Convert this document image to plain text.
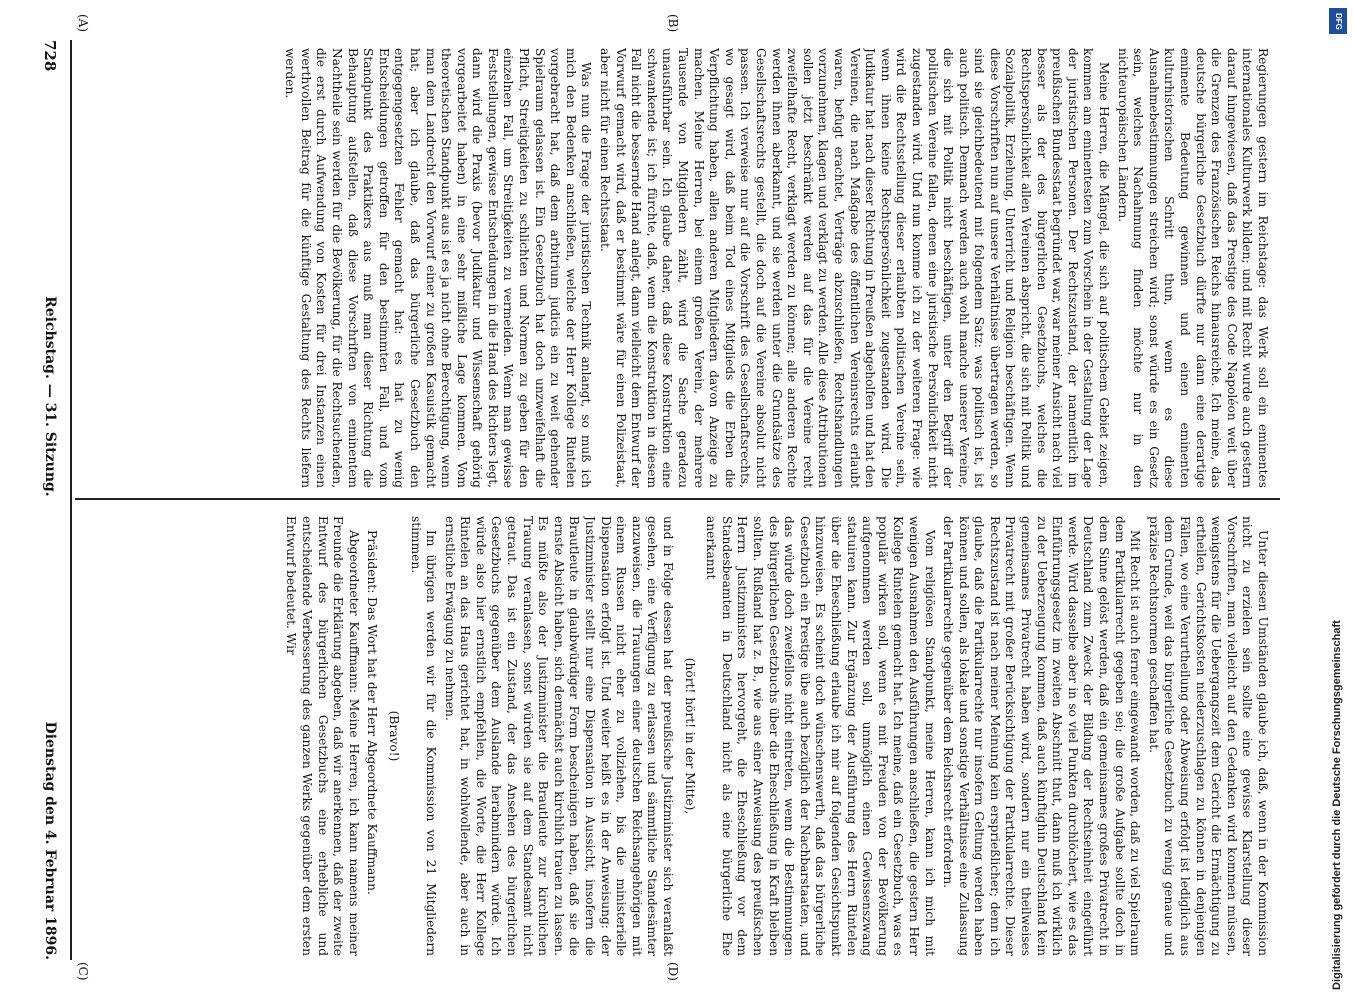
728
Reichstag. — 31. Sitzung.
Dienstag den 4. Februar 1896.
(A)	(B)
(C)	(D)

Regierungen gestern im Reichstage: das Werk soll ein eminentes internationales Kulturwerk bilden; und mit Recht wurde auch gestern darauf hingewiesen, daß das Prestige des Code Napoléon weit über die Grenzen des Französischen Reichs hinausreiche. Ich meine, das deutsche bürgerliche Gesetzbuch dürfte nur dann eine derartige eminente Bedeutung gewinnen und einen eminenten kulturhistorischen Schritt thun, wenn es diese Ausnahmebestimmungen streichen wird; sonst würde es ein Gesetz sein, welches Nachahmung finden möchte nur in den nichteuropäischen Ländern.

Meine Herren, die Mängel, die sich auf politischem Gebiet zeigen, kommen am eminentesten zum Vorschein in der Gestaltung der Lage der juristischen Personen. Der Rechtszustand, der namentlich im preußischen Bundesstaat begründet war, war meiner Ansicht nach viel besser als der des bürgerlichen Gesetzbuchs, welches die Rechtspersönlichkeit allen Vereinen abspricht, die sich mit Politik und Sozialpolitik, Erziehung, Unterricht und Religion beschäftigen. Wenn diese Vorschriften nun auf unsere Verhältnisse übertragen werden, so sind sie gleichbedeutend mit folgendem Satz: was politisch ist, ist auch politisch. Demnach werden auch wohl manche unserer Vereine, die sich mit Politik nicht beschäftigen, unter den Begriff der politischen Vereine fallen, denen eine juristische Persönlichkeit nicht zugestanden wird. Und nun komme ich zu der weiteren Frage: wie wird die Rechtsstellung dieser erlaubten politischen Vereine sein, wenn ihnen keine Rechtspersönlichkeit zugestanden wird. Die Judikatur hat nach dieser Richtung in Preußen abgeholfen und hat den Vereinen, die nach Maßgabe des öffentlichen Vereinsrechts erlaubt waren, befugt erachtet, Verträge abzuschließen, Rechtshandlungen vorzunehmen, klagen und verklagt zu werden. Alle diese Attributionen sollen jetzt beschränkt werden auf das für die Vereine recht zweifelhafte Recht, verklagt werden zu können; alle anderen Rechte werden ihnen aberkannt, und sie werden unter die Grundsätze des Gesellschaftsrechts gestellt, die doch auf die Vereine absolut nicht passen. Ich verweise nur auf die Vorschrift des Gesellschaftsrechts, wo gesagt wird, daß beim Tod eines Mitglieds die Erben die Verpflichtung haben, allen anderen Mitgliedern davon Anzeige zu machen. Meine Herren, bei einem großen Verein, der mehrere Tausende von Mitgliedern zählt, wird die Sache geradezu unausführbar sein. Ich glaube daher, daß diese Konstruktion eine schwankende ist; ich fürchte, daß, wenn die Konstruktion in diesem Fall nicht die bessernde Hand anlegt, dann vielleicht dem Entwurf der Vorwurf gemacht wird, daß er bestimmt wäre für einen Polizeistaat, aber nicht für einen Rechtsstaat.

Was nun die Frage der juristischen Technik anlangt, so muß ich mich den Bedenken anschließen, welche der Herr Kollege Rintelen vorgebracht hat, daß dem arbitrium judicis ein zu weit gehender Spielraum gelassen ist. Ein Gesetzbuch hat doch unzweifelhaft die Pflicht, Streitigkeiten zu schlichten und Normen zu geben für den einzelnen Fall, um Streitigkeiten zu vermeiden. Wenn man gewisse Feststellungen, gewisse Entscheidungen in die Hand des Richters legt, dann wird die Praxis (bevor Judikatur und Wissenschaft gehörig vorgearbeitet haben) in eine sehr mißliche Lage kommen. Vom theoretischen Standpunkt aus ist es ja nicht ohne Berechtigung, wenn man dem Landrecht den Vorwurf einer zu großen Kasuistik gemacht hat; aber ich glaube, daß das bürgerliche Gesetzbuch den entgegengesetzten Fehler gemacht hat: es hat zu wenig Entscheidungen getroffen für den bestimmten Fall, und vom Standpunkt des Praktikers aus muß man dieser Richtung die Behauptung aufstellen, daß diese Vorschriften von eminentem Nachtheile sein werden für die Bevölkerung, für die Rechtsuchenden, die erst durch Aufwendung von Kosten für drei Instanzen einen werthvollen Beitrag für die künftige Gestaltung des Rechts liefern werden.

Unter diesen Umständen glaube ich, daß, wenn in der Kommission nicht zu erzielen sein sollte eine gewisse Klarstellung dieser Vorschriften, man vielleicht auf den Gedanken wird kommen müssen, wenigstens für die Uebergangszeit dem Gericht die Ermächtigung zu ertheilen, Gerichtskosten niederzuschlagen zu können in denjenigen Fällen, wo eine Verurtheilung oder Abweisung erfolgt ist lediglich aus dem Grunde, weil das bürgerliche Gesetzbuch zu wenig genaue und präzise Rechtsnormen geschaffen hat.

Mit Recht ist auch ferner eingewandt worden, daß zu viel Spielraum dem Partikularrecht gegeben sei; die große Aufgabe sollte doch in dem Sinne gelöst werden, daß ein gemeinsames großes Privatrecht in Deutschland zum Zweck der Bildung der Rechtseinheit eingeführt werde. Wird dasselbe aber in so viel Punkten durchlöchert, wie es das Einführungsgesetz im zweiten Abschnitt thut, dann muß ich wirklich zu der Ueberzeugung kommen, daß auch künftighin Deutschland kein gemeinsames Privatrecht haben wird, sondern nur ein theilweises Privatrecht mit großer Berücksichtigung der Partikularrechte. Dieser Rechtszustand ist nach meiner Meinung kein ersprießlicher; denn ich glaube, daß die Partikularrechte nur insofern Geltung werden haben können und sollen, als lokale und sonstige Verhältnisse eine Zulassung der Partikularrechte gegenüber dem Reichsrecht erfordern.

Vom religiösen Standpunkt, meine Herren, kann ich mich mit wenigen Ausnahmen den Ausführungen anschließen, die gestern Herr Kollege Rintelen gemacht hat. Ich meine, daß ein Gesetzbuch, was es populär wirken soll, wenn es mit Freuden von der Bevölkerung aufgenommen werden soll, unmöglich einen Gewissenszwang statuiren kann. Zur Ergänzung der Ausführung des Herrn Rintelen über die Eheschließung erlaube ich mir auf folgenden Gesichtspunkt hinzuweisen. Es scheint doch wünschenswerth, daß das bürgerliche Gesetzbuch ein Prestige übe auch bezüglich der Nachbarstaaten, und das würde doch zweifellos nicht eintreten, wenn die Bestimmungen des bürgerlichen Gesetzbuchs über die Eheschließung in Kraft bleiben sollten. Rußland hat z. B., wie aus einer Anweisung des preußischen Herrn Justizministers hervorgeht, die Eheschließung vor dem Standesbeamten in Deutschland nicht als eine bürgerliche Ehe anerkannt

(hört! hört! in der Mitte),

und in Folge dessen hat der preußische Justizminister sich veranlaßt gesehen, eine Verfügung zu erlassen und sämmtliche Standesämter anzuweisen, die Trauungen einer deutschen Reichsangehörigen mit einem Russen nicht eher zu vollziehen, bis die ministerielle Dispensation erfolgt ist. Und weiter heißt es in der Anweisung: der Justizminister stellt nur eine Dispensation in Aussicht, insofern die Brautleute in glaubwürdiger Form bescheinigen haben, daß sie die ernste Absicht haben, sich demnächst auch kirchlich trauen zu lassen. Es müßte also der Justizminister die Brautleute zur kirchlichen Trauung veranlassen, sonst würden sie auf dem Standesamt nicht getraut. Das ist ein Zustand, der das Ansehen des bürgerlichen Gesetzbuchs gegenüber dem Auslande herabmindern würde. Ich würde also hier ernstlich empfehlen, die Worte, die Herr Kollege Rintelen an das Haus gerichtet hat, in wohlwollende, aber auch in ernstliche Erwägung zu nehmen.

Im übrigen werden wir für die Kommission von 21 Mitgliedern stimmen.

(Bravo!)

Präsident: Das Wort hat der Herr Abgeordnete Kauffmann.

Abgeordneter Kauffmann: Meine Herren, ich kann namens meiner Freunde die Erklärung abgeben, daß wir anerkennen, daß der zweite Entwurf des bürgerlichen Gesetzbuchs eine erhebliche und entscheidende Verbesserung des ganzen Werks gegenüber dem ersten Entwurf bedeutet. Wir

DFG
Digitalisierung gefördert durch die Deutsche Forschungsgemeinschaft
